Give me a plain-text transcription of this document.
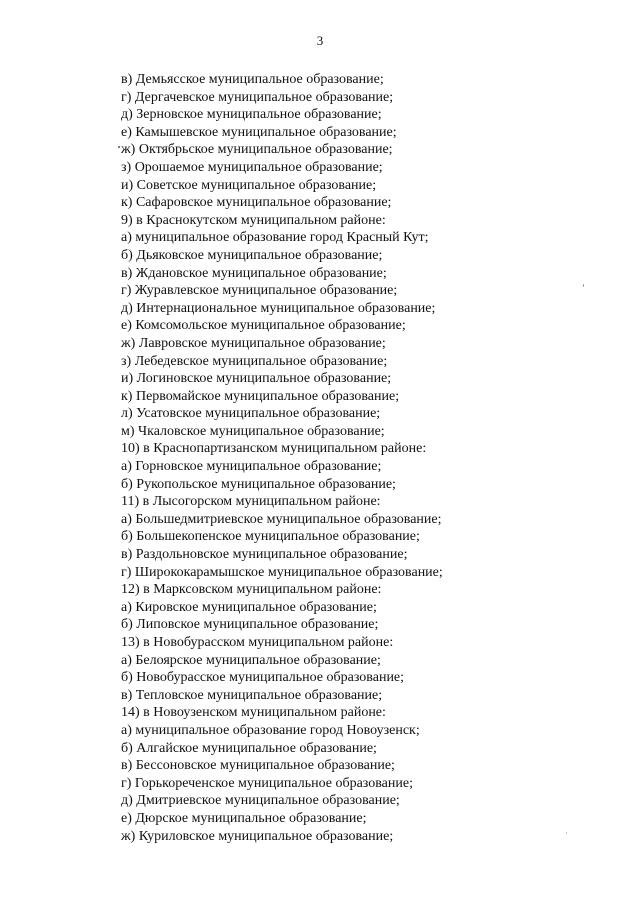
3
в) Демьясское муниципальное образование;
г) Дергачевское муниципальное образование;
д) Зерновское муниципальное образование;
е) Камышевское муниципальное образование;
ж) Октябрьское муниципальное образование;
з) Орошаемое муниципальное образование;
и) Советское муниципальное образование;
к) Сафаровское муниципальное образование;
9) в Краснокутском муниципальном районе:
а) муниципальное образование город Красный Кут;
б) Дьяковское муниципальное образование;
в) Ждановское муниципальное образование;
г) Журавлевское муниципальное образование;
д) Интернациональное муниципальное образование;
е) Комсомольское муниципальное образование;
ж) Лавровское муниципальное образование;
з) Лебедевское муниципальное образование;
и) Логиновское муниципальное образование;
к) Первомайское муниципальное образование;
л) Усатовское муниципальное образование;
м) Чкаловское муниципальное образование;
10) в Краснопартизанском муниципальном районе:
а) Горновское муниципальное образование;
б) Рукопольское муниципальное образование;
11) в Лысогорском муниципальном районе:
а) Большедмитриевское муниципальное образование;
б) Большекопенское муниципальное образование;
в) Раздольновское муниципальное образование;
г) Ширококарамышское муниципальное образование;
12) в Марксовском муниципальном районе:
а) Кировское муниципальное образование;
б) Липовское муниципальное образование;
13) в Новобурасском муниципальном районе:
а) Белоярское муниципальное образование;
б) Новобурасское муниципальное образование;
в) Тепловское муниципальное образование;
14) в Новоузенском муниципальном районе:
а) муниципальное образование город Новоузенск;
б) Алгайское муниципальное образование;
в) Бессоновское муниципальное образование;
г) Горькореченское муниципальное образование;
д) Дмитриевское муниципальное образование;
е) Дюрское муниципальное образование;
ж) Куриловское муниципальное образование;
